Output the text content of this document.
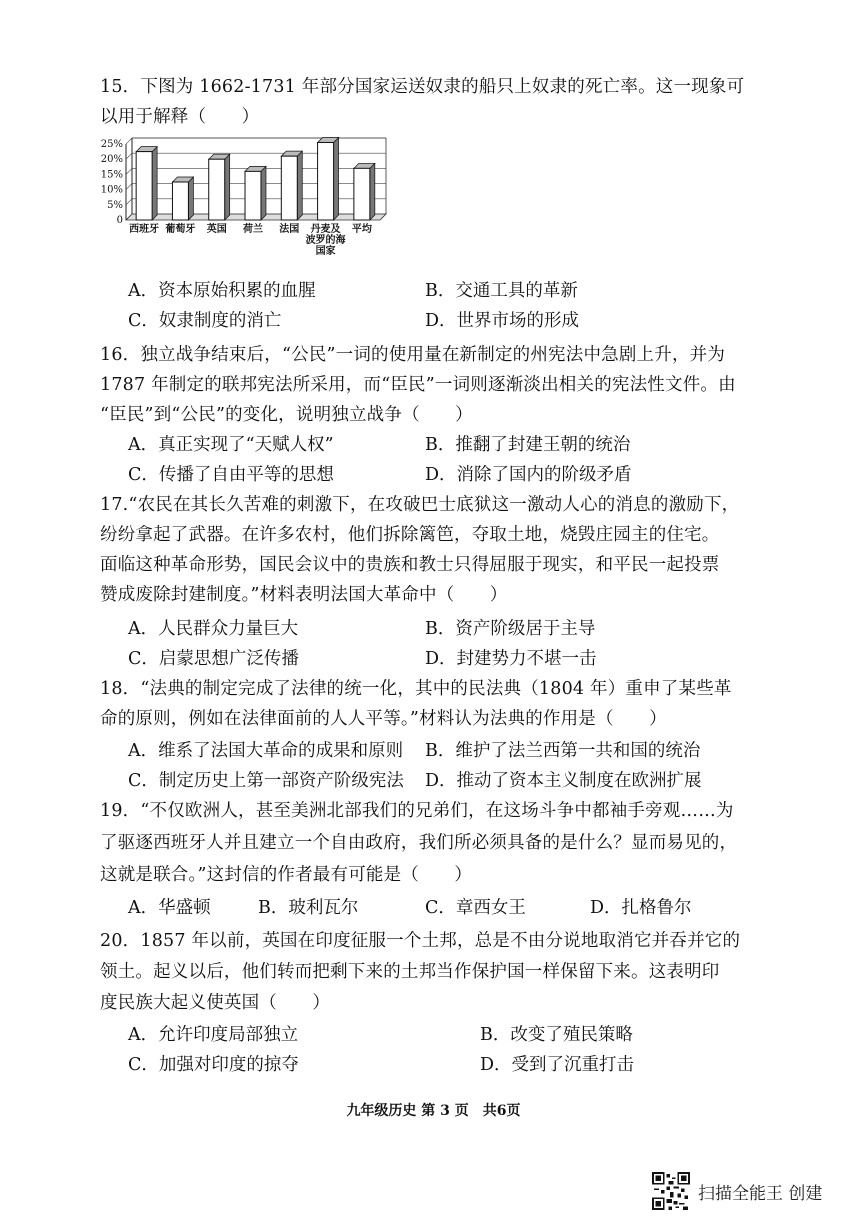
15．下图为 1662-1731 年部分国家运送奴隶的船只上奴隶的死亡率。这一现象可
以用于解释（　　）
25%
20%
15%
10%
5%
0
西班牙 葡萄牙 英国 荷兰 法国 丹麦及
波罗的海
国家
平均
A．资本原始积累的血腥	B．交通工具的革新
C．奴隶制度的消亡	D．世界市场的形成
16．独立战争结束后，“公民”一词的使用量在新制定的州宪法中急剧上升，并为
1787 年制定的联邦宪法所采用，而“臣民”一词则逐渐淡出相关的宪法性文件。由
“臣民”到“公民”的变化，说明独立战争（　　）
A．真正实现了“天赋人权”	B．推翻了封建王朝的统治
C．传播了自由平等的思想	D．消除了国内的阶级矛盾
17.“农民在其长久苦难的刺激下，在攻破巴士底狱这一激动人心的消息的激励下，
纷纷拿起了武器。在许多农村，他们拆除篱笆，夺取土地，烧毁庄园主的住宅。
面临这种革命形势，国民会议中的贵族和教士只得屈服于现实，和平民一起投票
赞成废除封建制度。”材料表明法国大革命中（　　）
A．人民群众力量巨大	B．资产阶级居于主导
C．启蒙思想广泛传播	D．封建势力不堪一击
18．“法典的制定完成了法律的统一化，其中的民法典（1804 年）重申了某些革
命的原则，例如在法律面前的人人平等。”材料认为法典的作用是（　　）
A．维系了法国大革命的成果和原则 B．维护了法兰西第一共和国的统治
C．制定历史上第一部资产阶级宪法 D．推动了资本主义制度在欧洲扩展
19．“不仅欧洲人，甚至美洲北部我们的兄弟们，在这场斗争中都袖手旁观……为
了驱逐西班牙人并且建立一个自由政府，我们所必须具备的是什么？显而易见的，
这就是联合。”这封信的作者最有可能是（　　）
A．华盛顿	B．玻利瓦尔	C．章西女王	D．扎格鲁尔
20．1857 年以前，英国在印度征服一个土邦，总是不由分说地取消它并吞并它的
领土。起义以后，他们转而把剩下来的土邦当作保护国一样保留下来。这表明印
度民族大起义使英国（　　）
A．允许印度局部独立	B．改变了殖民策略
C．加强对印度的掠夺	D．受到了沉重打击
九年级历史 第 3 页　共6页
扫描全能王 创建
